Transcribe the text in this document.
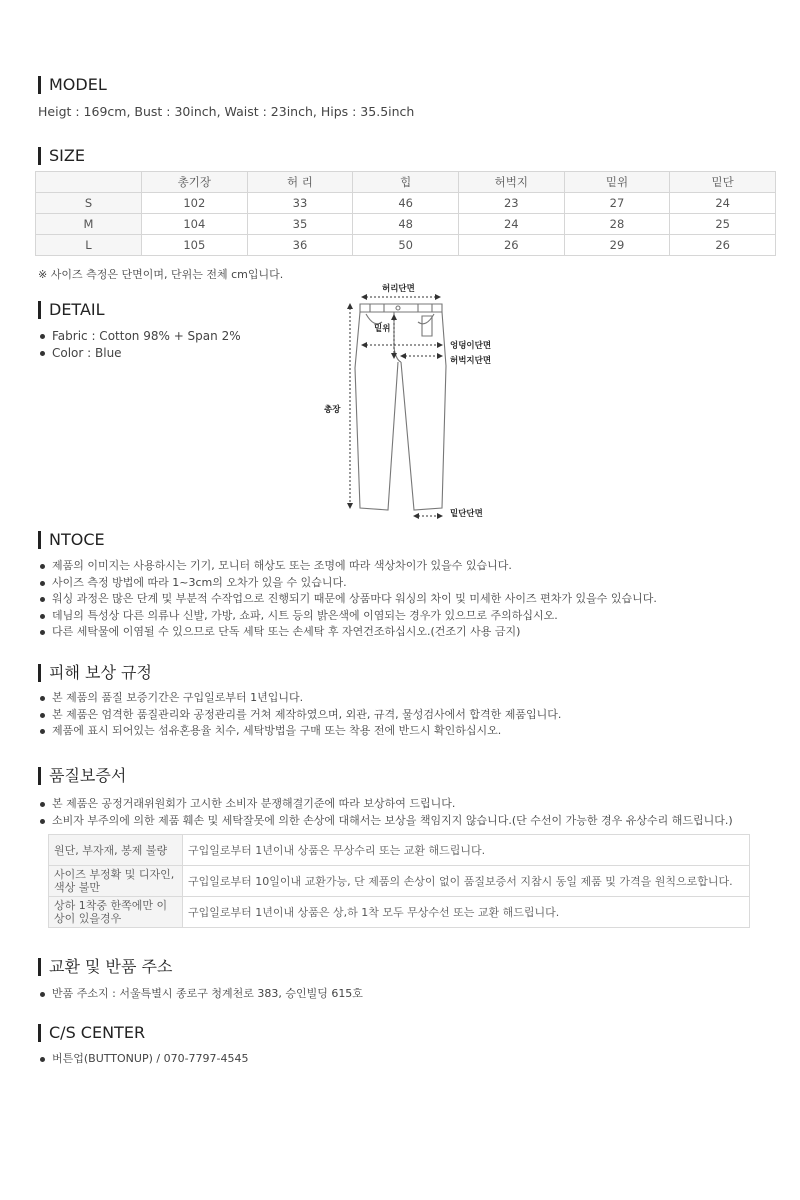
MODEL
Heigt : 169cm, Bust : 30inch, Waist : 23inch, Hips : 35.5inch
SIZE
	총기장	허 리	힙	허벅지	밑위	밑단
S	102	33	46	23	27	24
M	104	35	48	24	28	25
L	105	36	50	26	29	26
※ 사이즈 측정은 단면이며, 단위는 전체 cm입니다.
DETAIL
Fabric : Cotton 98% + Span 2%
Color : Blue
허리단면
밑위
엉덩이단면
허벅지단면
총장
밑단단면
NTOCE
제품의 이미지는 사용하시는 기기, 모니터 해상도 또는 조명에 따라 색상차이가 있을수 있습니다.
사이즈 측정 방법에 따라 1~3cm의 오차가 있을 수 있습니다.
워싱 과정은 많은 단계 및 부분적 수작업으로 진행되기 때문에 상품마다 워싱의 차이 및 미세한 사이즈 편차가 있을수 있습니다.
데님의 특성상 다른 의류나 신발, 가방, 쇼파, 시트 등의 밝은색에 이염되는 경우가 있으므로 주의하십시오.
다른 세탁물에 이염될 수 있으므로 단독 세탁 또는 손세탁 후 자연건조하십시오.(건조기 사용 금지)
피해 보상 규정
본 제품의 품질 보증기간은 구입일로부터 1년입니다.
본 제품은 엄격한 품질관리와 공정관리를 거쳐 제작하였으며, 외관, 규격, 물성검사에서 합격한 제품입니다.
제품에 표시 되어있는 섬유혼용율 치수, 세탁방법을 구매 또는 착용 전에 반드시 확인하십시오.
품질보증서
본 제품은 공정거래위원회가 고시한 소비자 분쟁해결기준에 따라 보상하여 드립니다.
소비자 부주의에 의한 제품 훼손 및 세탁잘못에 의한 손상에 대해서는 보상을 책임지지 않습니다.(단 수선이 가능한 경우 유상수리 해드립니다.)
원단, 부자재, 봉제 불량	구입일로부터 1년이내 상품은 무상수리 또는 교환 해드립니다.
사이즈 부정확 및 디자인, 색상 불만	구입일로부터 10일이내 교환가능, 단 제품의 손상이 없이 품질보증서 지참시 동일 제품 및 가격을 원칙으로합니다.
상하 1착중 한쪽에만 이상이 있을경우	구입일로부터 1년이내 상품은 상,하 1착 모두 무상수선 또는 교환 해드립니다.
교환 및 반품 주소
반품 주소지 : 서울특별시 종로구 청계천로 383, 승인빌딩 615호
C/S CENTER
버튼업(BUTTONUP) / 070-7797-4545
